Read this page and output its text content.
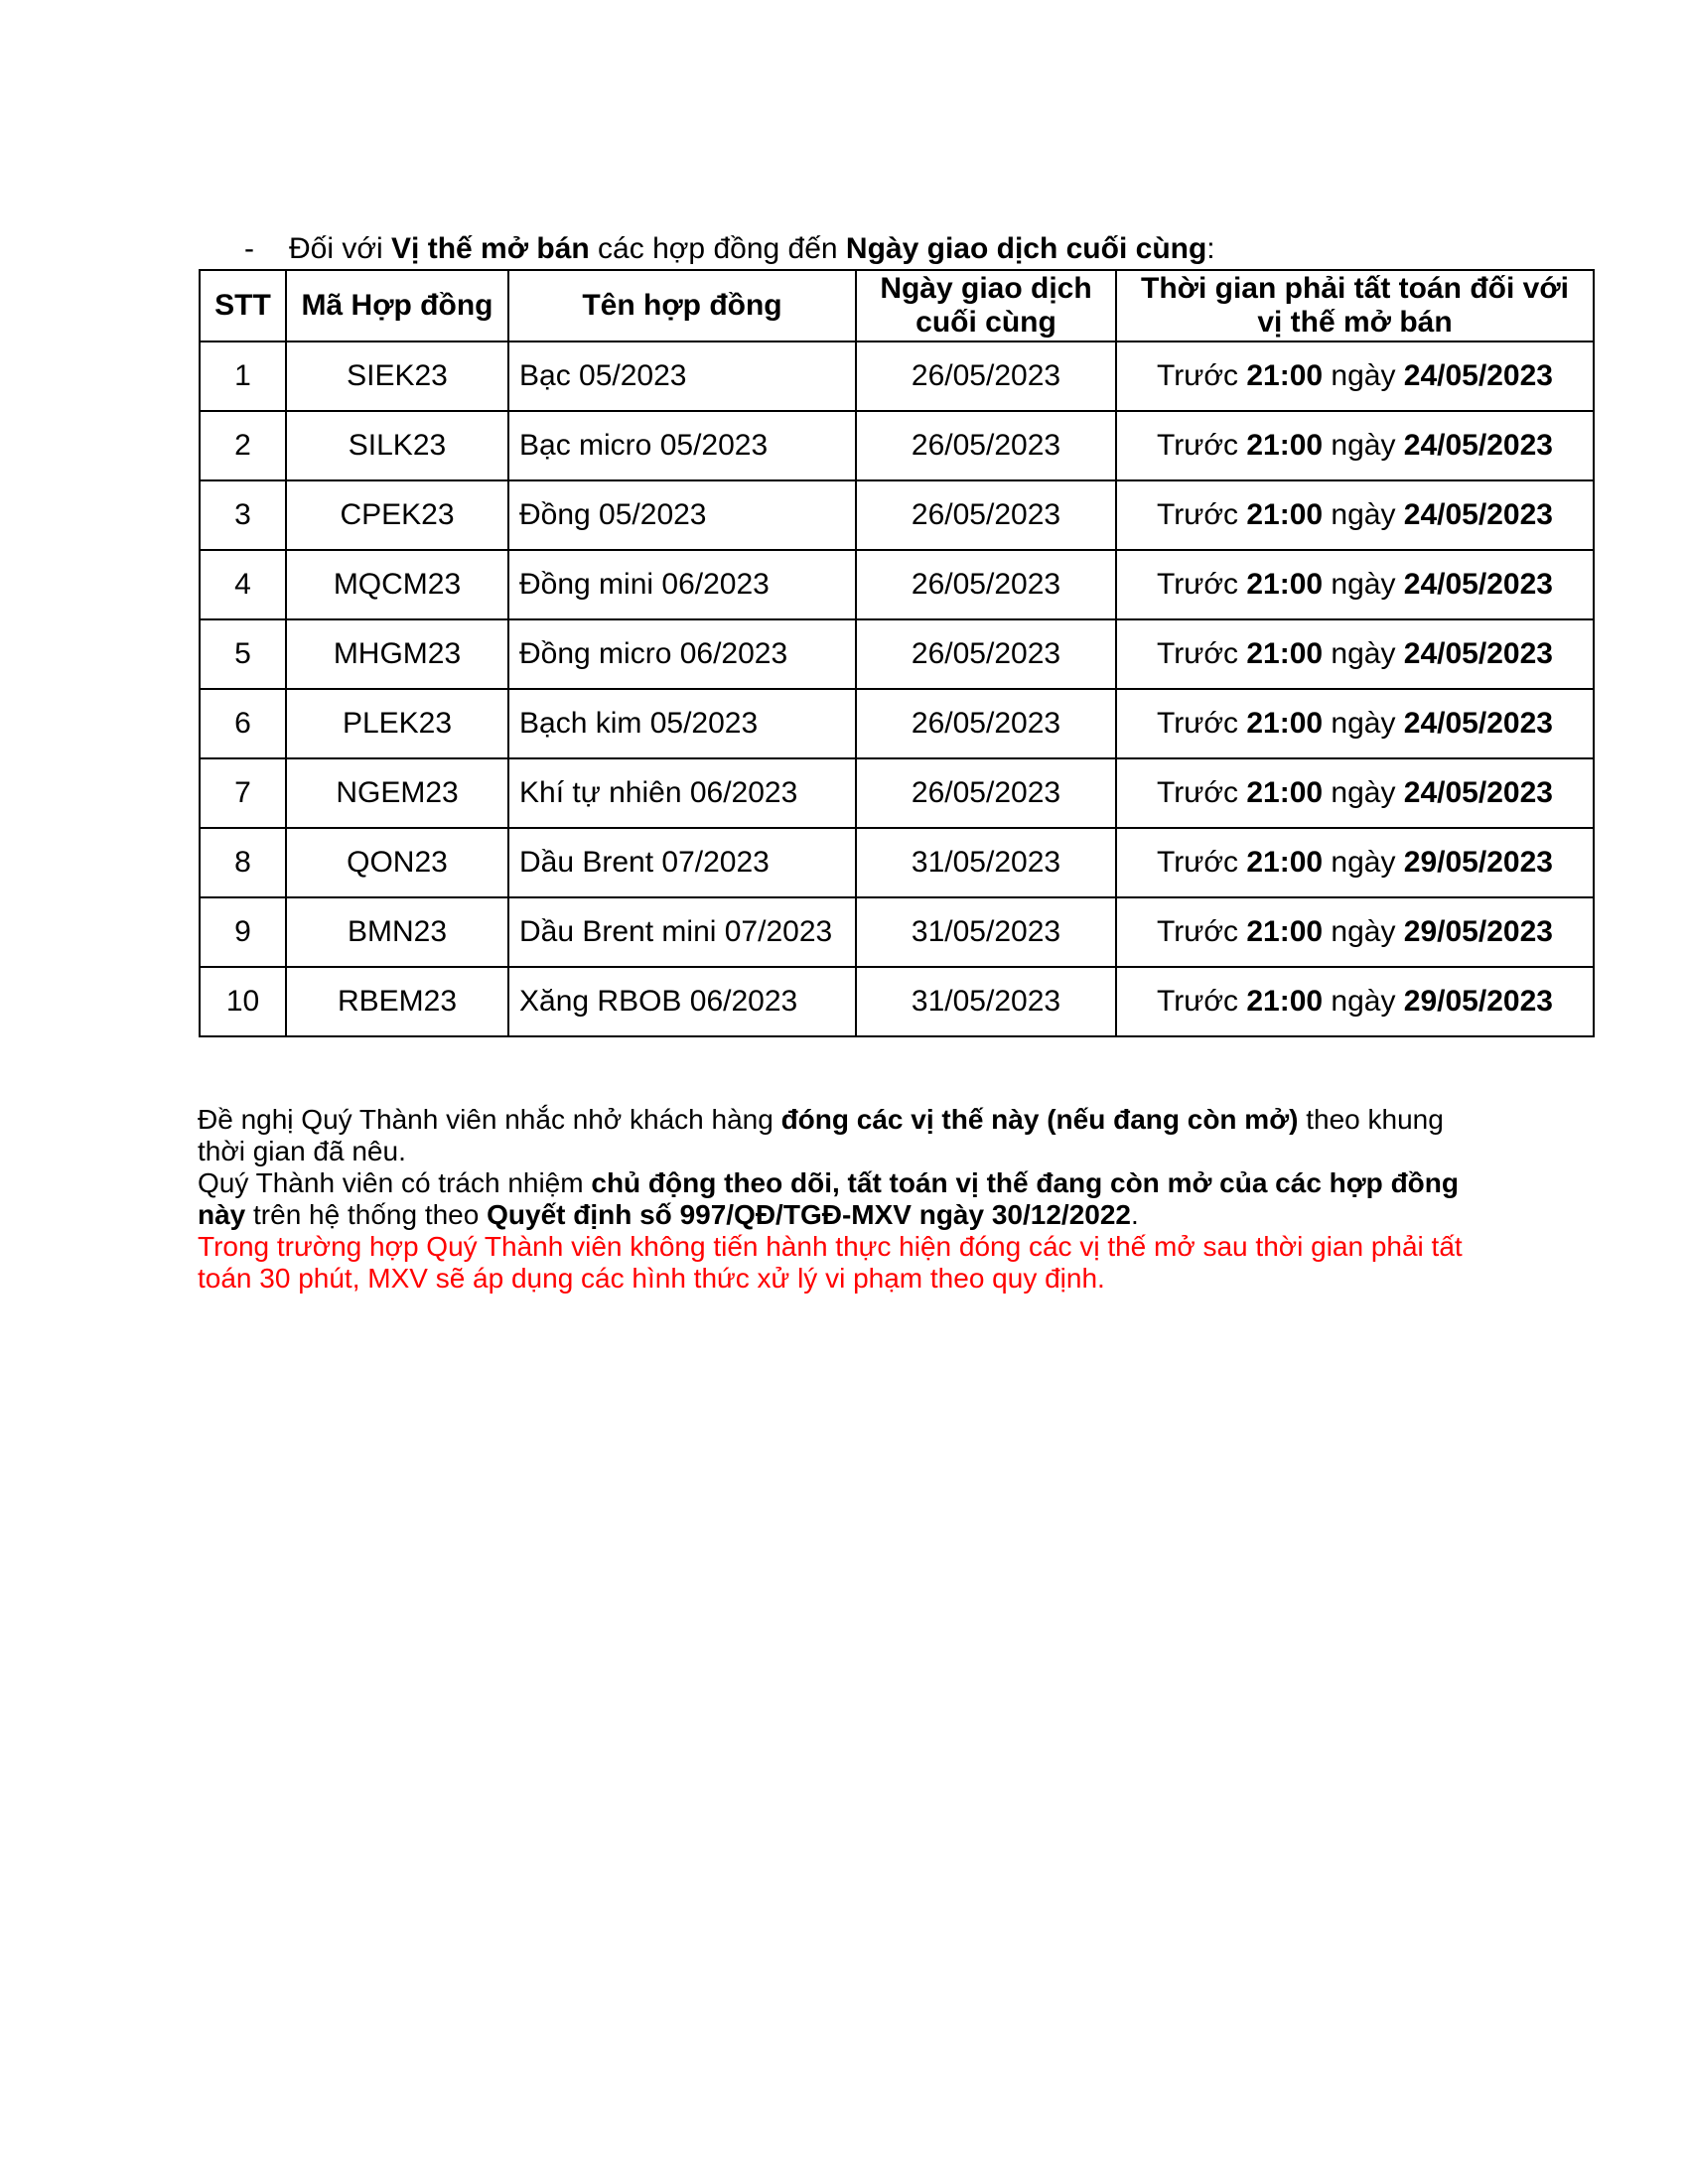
- Đối với Vị thế mở bán các hợp đồng đến Ngày giao dịch cuối cùng:
STT	Mã Hợp đồng	Tên hợp đồng	Ngày giao dịch cuối cùng	Thời gian phải tất toán đối với vị thế mở bán
1	SIEK23	Bạc 05/2023	26/05/2023	Trước 21:00 ngày 24/05/2023
2	SILK23	Bạc micro 05/2023	26/05/2023	Trước 21:00 ngày 24/05/2023
3	CPEK23	Đồng 05/2023	26/05/2023	Trước 21:00 ngày 24/05/2023
4	MQCM23	Đồng mini 06/2023	26/05/2023	Trước 21:00 ngày 24/05/2023
5	MHGM23	Đồng micro 06/2023	26/05/2023	Trước 21:00 ngày 24/05/2023
6	PLEK23	Bạch kim 05/2023	26/05/2023	Trước 21:00 ngày 24/05/2023
7	NGEM23	Khí tự nhiên 06/2023	26/05/2023	Trước 21:00 ngày 24/05/2023
8	QON23	Dầu Brent 07/2023	31/05/2023	Trước 21:00 ngày 29/05/2023
9	BMN23	Dầu Brent mini 07/2023	31/05/2023	Trước 21:00 ngày 29/05/2023
10	RBEM23	Xăng RBOB 06/2023	31/05/2023	Trước 21:00 ngày 29/05/2023

Đề nghị Quý Thành viên nhắc nhở khách hàng đóng các vị thế này (nếu đang còn mở) theo khung thời gian đã nêu.

Quý Thành viên có trách nhiệm chủ động theo dõi, tất toán vị thế đang còn mở của các hợp đồng này trên hệ thống theo Quyết định số 997/QĐ/TGĐ-MXV ngày 30/12/2022.

Trong trường hợp Quý Thành viên không tiến hành thực hiện đóng các vị thế mở sau thời gian phải tất toán 30 phút, MXV sẽ áp dụng các hình thức xử lý vi phạm theo quy định.
